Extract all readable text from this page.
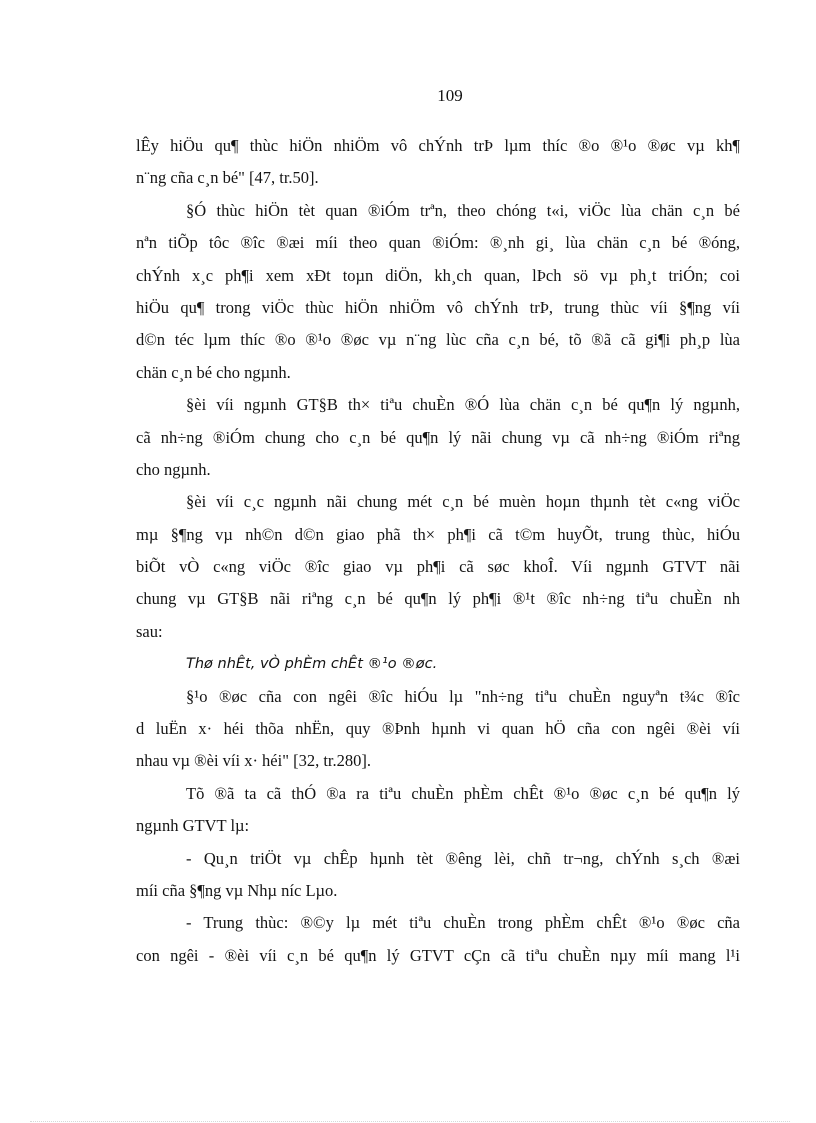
109
lÊy hiÖu qu¶ thùc hiÖn nhiÖm vô chÝnh trÞ lµm thíc ®o ®¹o ®øc vµ kh¶
n¨ng cña c¸n bé" [47, tr.50].
§Ó thùc hiÖn tèt quan ®iÓm trªn, theo chóng t«i, viÖc lùa chän c¸n bé
nªn tiÕp tôc ®îc ®æi míi theo quan ®iÓm: ®¸nh gi¸ lùa chän c¸n bé ®óng,
chÝnh x¸c ph¶i xem xÐt toµn diÖn, kh¸ch quan, lÞch sö vµ ph¸t triÓn; coi
hiÖu qu¶ trong viÖc thùc hiÖn nhiÖm vô chÝnh trÞ, trung thùc víi §¶ng víi
d©n téc lµm thíc ®o ®¹o ®øc vµ n¨ng lùc cña c¸n bé, tõ ®ã cã gi¶i ph¸p lùa
chän c¸n bé cho ngµnh.
§èi víi ngµnh GT§B th× tiªu chuÈn ®Ó lùa chän c¸n bé qu¶n lý ngµnh,
cã nh÷ng ®iÓm chung cho c¸n bé qu¶n lý nãi chung vµ cã nh÷ng ®iÓm riªng
cho ngµnh.
§èi víi c¸c ngµnh nãi chung mét c¸n bé muèn hoµn thµnh tèt c«ng viÖc
mµ §¶ng vµ nh©n d©n giao phã th× ph¶i cã t©m huyÕt, trung thùc, hiÓu
biÕt vÒ c«ng viÖc ®îc giao vµ ph¶i cã søc khoÎ. Víi ngµnh GTVT nãi
chung vµ GT§B nãi riªng c¸n bé qu¶n lý ph¶i ®¹t ®îc nh÷ng tiªu chuÈn nh
sau:
Thø nhÊt, vÒ phÈm chÊt ®¹o ®øc.
§¹o ®øc cña con ngêi ®îc hiÓu lµ "nh÷ng tiªu chuÈn nguyªn t¾c ®îc
d luËn x· héi thõa nhËn, quy ®Þnh hµnh vi quan hÖ cña con ngêi ®èi víi
nhau vµ ®èi víi x· héi" [32, tr.280].
Tõ ®ã ta cã thÓ ®a ra tiªu chuÈn phÈm chÊt ®¹o ®øc c¸n bé qu¶n lý
ngµnh GTVT lµ:
- Qu¸n triÖt vµ chÊp hµnh tèt ®êng lèi, chñ tr¬ng, chÝnh s¸ch ®æi
míi cña §¶ng vµ Nhµ níc Lµo.
- Trung thùc: ®©y lµ mét tiªu chuÈn trong phÈm chÊt ®¹o ®øc cña
con ngêi - ®èi víi c¸n bé qu¶n lý GTVT cÇn cã tiªu chuÈn nµy míi mang l¹i
